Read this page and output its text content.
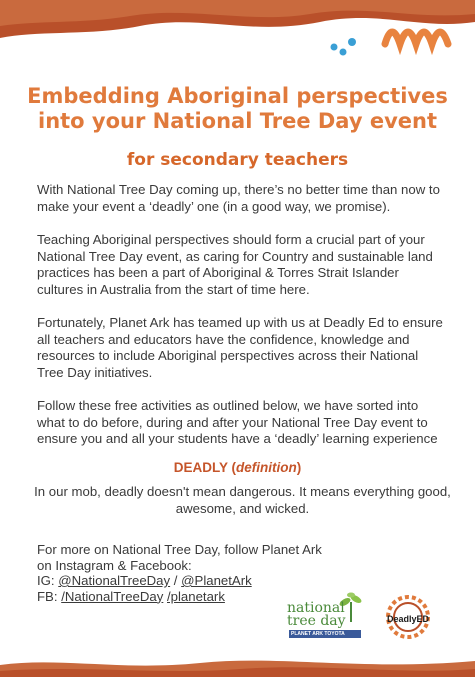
Embedding Aboriginal perspectives
into your National Tree Day event
for secondary teachers

With National Tree Day coming up, there’s no better time than now to make your event a ‘deadly’ one (in a good way, we promise).

Teaching Aboriginal perspectives should form a crucial part of your National Tree Day event, as caring for Country and sustainable land practices has been a part of Aboriginal & Torres Strait Islander cultures in Australia from the start of time here.

Fortunately, Planet Ark has teamed up with us at Deadly Ed to ensure all teachers and educators have the confidence, knowledge and resources to include Aboriginal perspectives across their National Tree Day initiatives.

Follow these free activities as outlined below, we have sorted into what to do before, during and after your National Tree Day event to ensure you and all your students have a ‘deadly’ learning experience

DEADLY (definition)
In our mob, deadly doesn't mean dangerous. It means everything good, awesome, and wicked.
For more on National Tree Day, follow Planet Ark on Instagram & Facebook:
IG: @NationalTreeDay / @PlanetArk
FB: /NationalTreeDay /planetark
national
tree day
PLANET ARK TOYOTA
DeadlyED
